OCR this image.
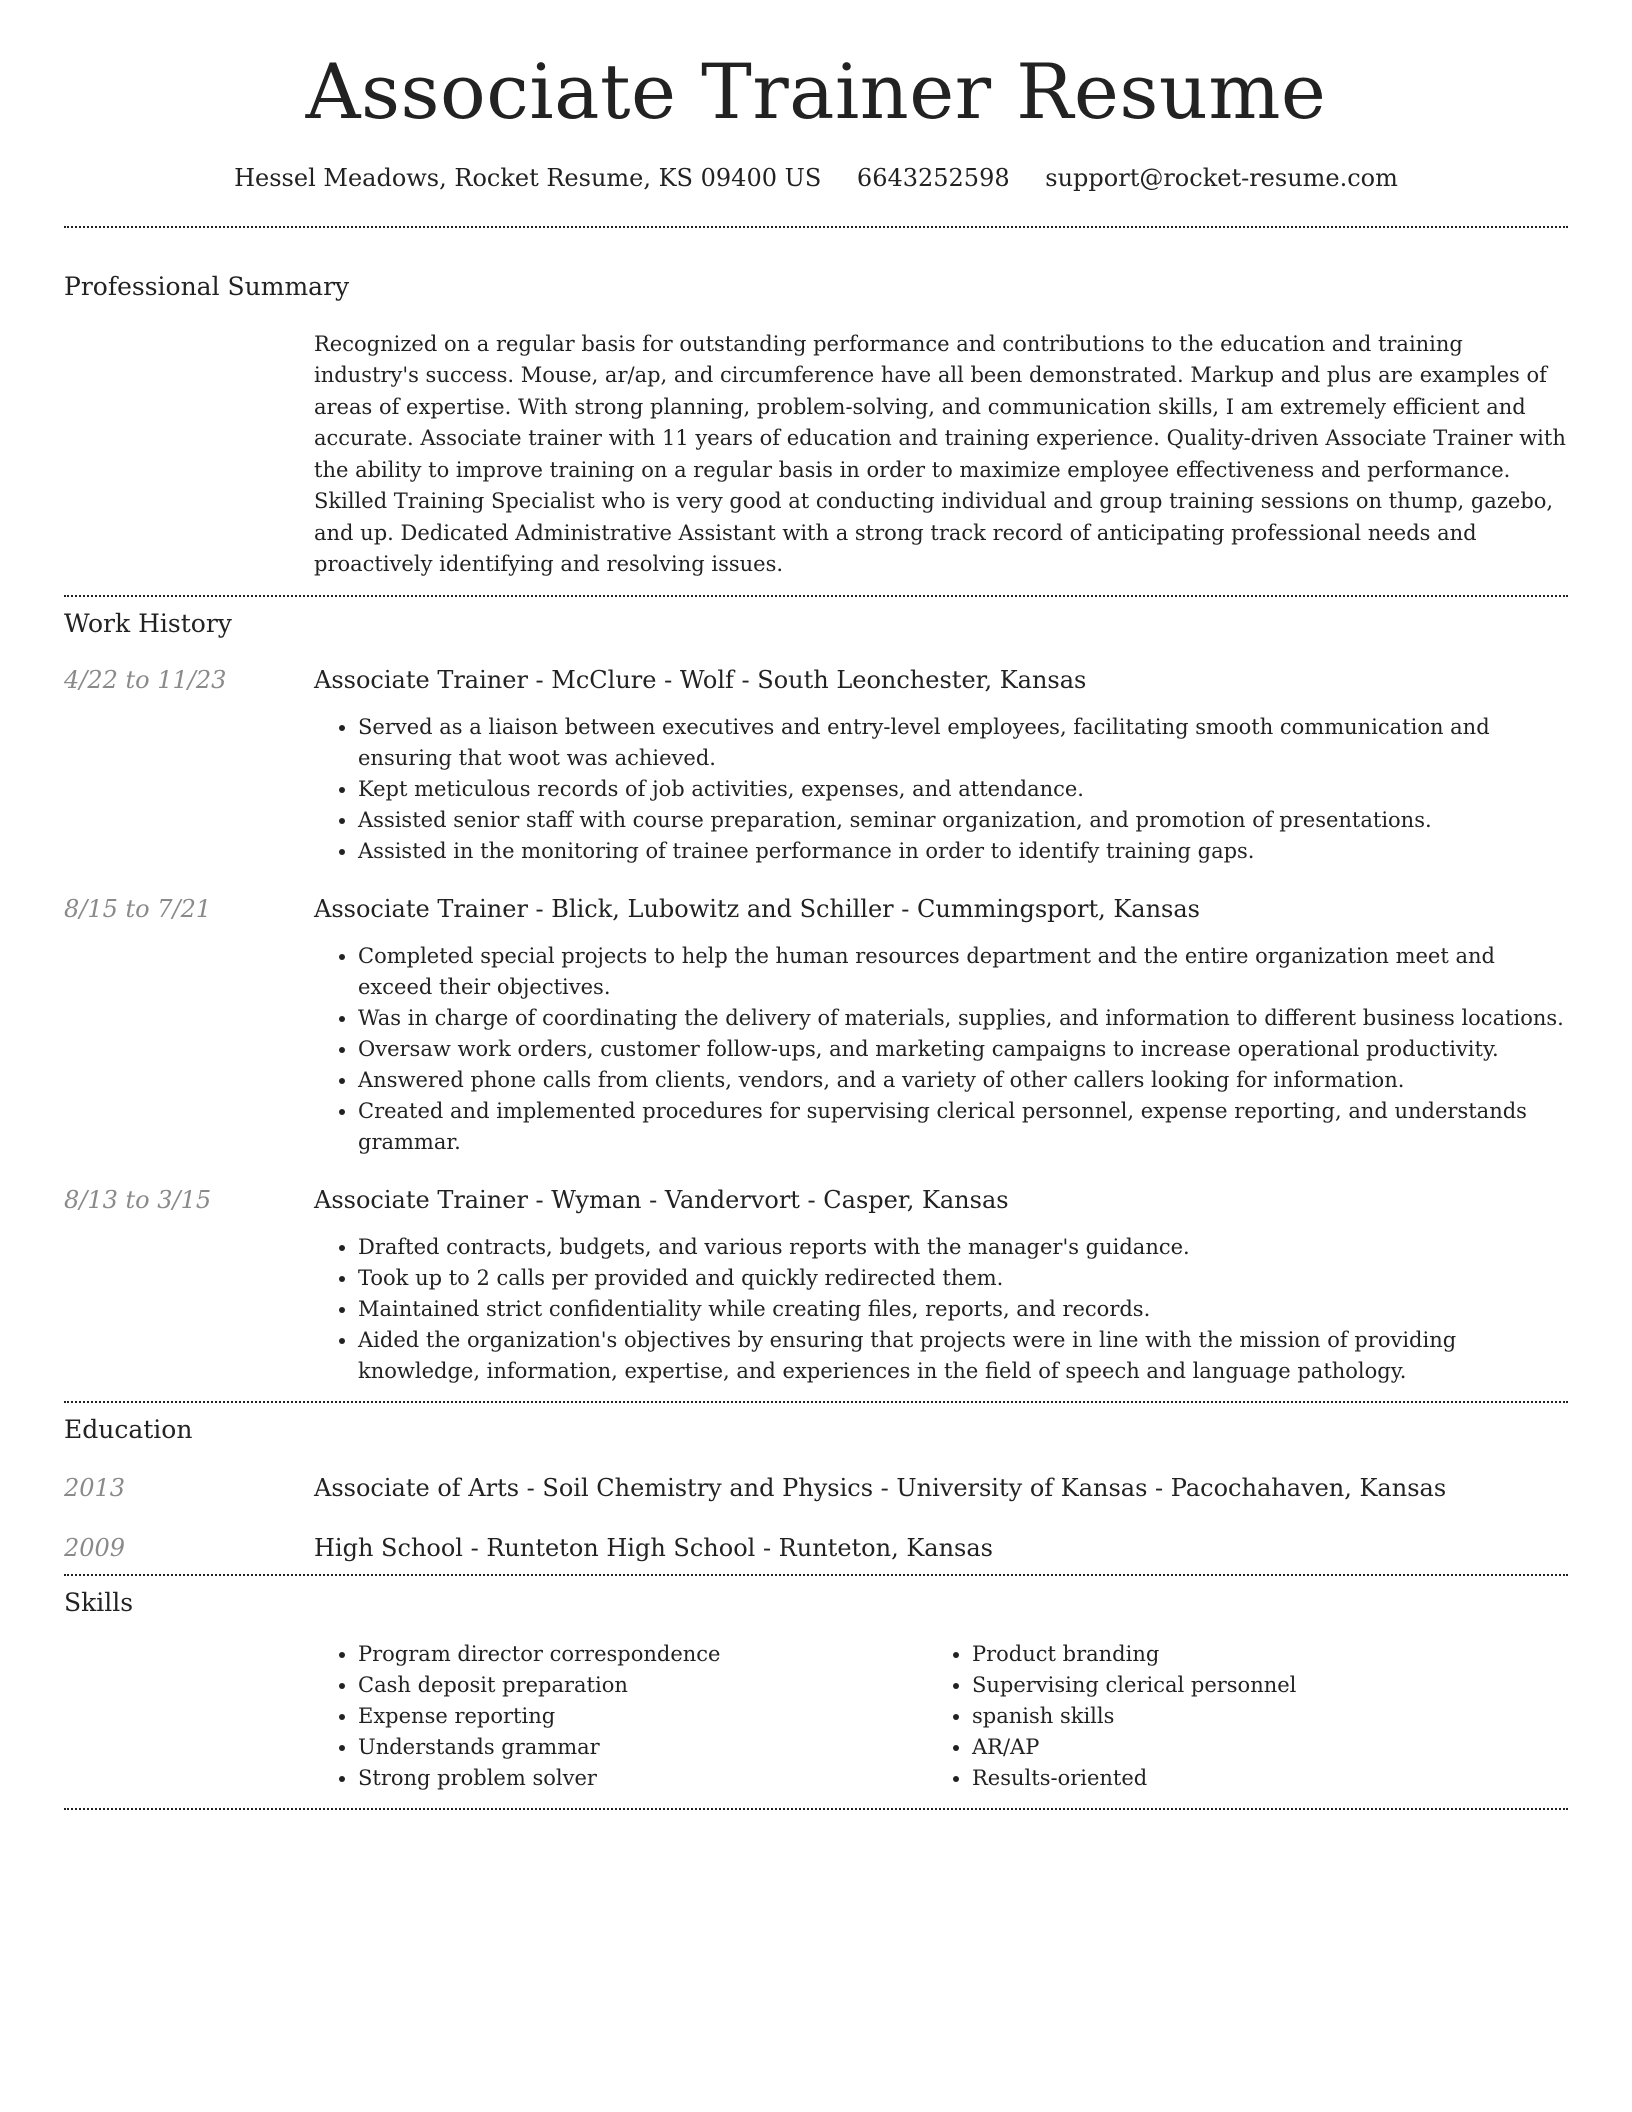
Associate Trainer Resume
Hessel Meadows, Rocket Resume, KS 09400 US 6643252598 support@rocket-resume.com
Professional Summary
Recognized on a regular basis for outstanding performance and contributions to the education and training industry's success. Mouse, ar/ap, and circumference have all been demonstrated. Markup and plus are examples of areas of expertise. With strong planning, problem-solving, and communication skills, I am extremely efficient and accurate. Associate trainer with 11 years of education and training experience. Quality-driven Associate Trainer with the ability to improve training on a regular basis in order to maximize employee effectiveness and performance. Skilled Training Specialist who is very good at conducting individual and group training sessions on thump, gazebo, and up. Dedicated Administrative Assistant with a strong track record of anticipating professional needs and proactively identifying and resolving issues.
Work History
4/22 to 11/23	Associate Trainer - McClure - Wolf - South Leonchester, Kansas
• Served as a liaison between executives and entry-level employees, facilitating smooth communication and ensuring that woot was achieved.
• Kept meticulous records of job activities, expenses, and attendance.
• Assisted senior staff with course preparation, seminar organization, and promotion of presentations.
• Assisted in the monitoring of trainee performance in order to identify training gaps.
8/15 to 7/21	Associate Trainer - Blick, Lubowitz and Schiller - Cummingsport, Kansas
• Completed special projects to help the human resources department and the entire organization meet and exceed their objectives.
• Was in charge of coordinating the delivery of materials, supplies, and information to different business locations.
• Oversaw work orders, customer follow-ups, and marketing campaigns to increase operational productivity.
• Answered phone calls from clients, vendors, and a variety of other callers looking for information.
• Created and implemented procedures for supervising clerical personnel, expense reporting, and understands grammar.
8/13 to 3/15	Associate Trainer - Wyman - Vandervort - Casper, Kansas
• Drafted contracts, budgets, and various reports with the manager's guidance.
• Took up to 2 calls per provided and quickly redirected them.
• Maintained strict confidentiality while creating files, reports, and records.
• Aided the organization's objectives by ensuring that projects were in line with the mission of providing knowledge, information, expertise, and experiences in the field of speech and language pathology.
Education
2013	Associate of Arts - Soil Chemistry and Physics - University of Kansas - Pacochahaven, Kansas
2009	High School - Runteton High School - Runteton, Kansas
Skills
• Program director correspondence
• Cash deposit preparation
• Expense reporting
• Understands grammar
• Strong problem solver
• Product branding
• Supervising clerical personnel
• spanish skills
• AR/AP
• Results-oriented
